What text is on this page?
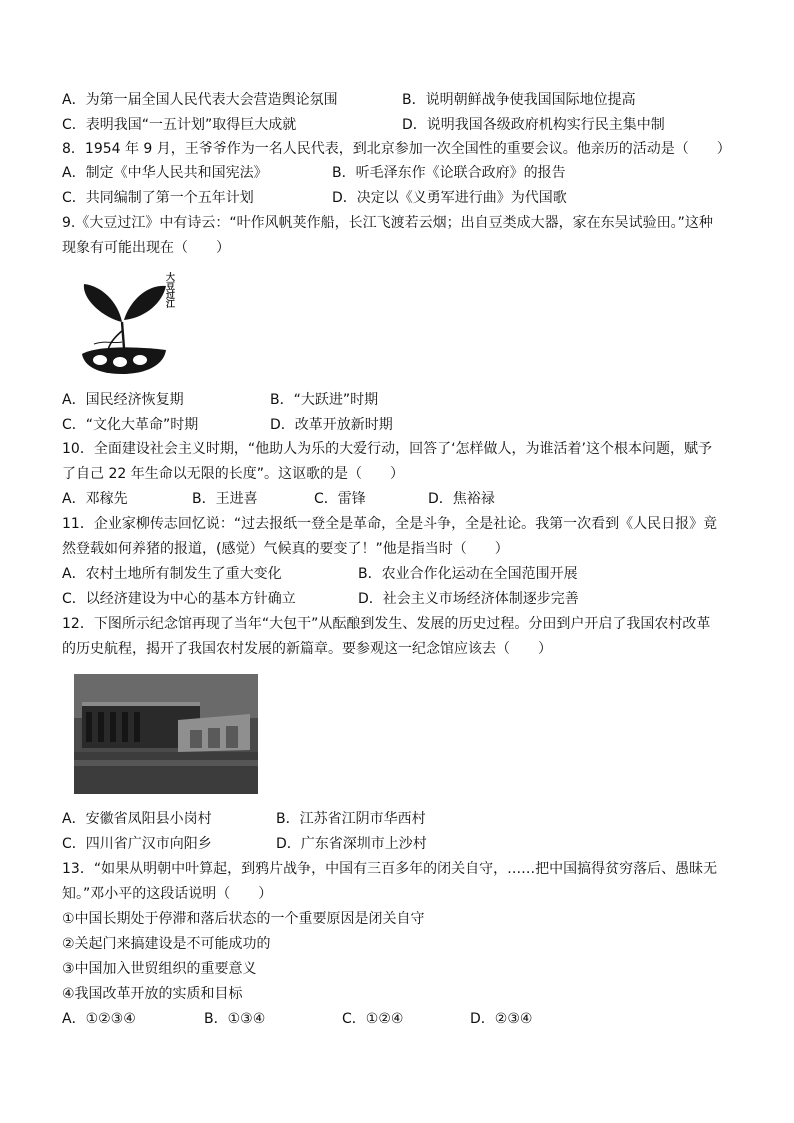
A．为第一届全国人民代表大会营造舆论氛围	B．说明朝鲜战争使我国国际地位提高
C．表明我国“一五计划”取得巨大成就	D．说明我国各级政府机构实行民主集中制
8．1954 年 9 月，王爷爷作为一名人民代表，到北京参加一次全国性的重要会议。他亲历的活动是（　　）
A．制定《中华人民共和国宪法》	B．听毛泽东作《论联合政府》的报告
C．共同编制了第一个五年计划	D．决定以《义勇军进行曲》为代国歌
9.《大豆过江》中有诗云：“叶作风帆荚作船，长江飞渡若云烟；出自豆类成大器，家在东吴试验田。”这种
现象有可能出现在（　　）
大豆过江
A．国民经济恢复期	B．“大跃进”时期
C．“文化大革命”时期	D．改革开放新时期
10．全面建设社会主义时期，“他助人为乐的大爱行动，回答了‘怎样做人，为谁活着’这个根本问题，赋予
了自己 22 年生命以无限的长度”。这讴歌的是（　　）
A．邓稼先	B．王进喜	C．雷锋	D．焦裕禄
11．企业家柳传志回忆说：“过去报纸一登全是革命，全是斗争，全是社论。我第一次看到《人民日报》竟
然登载如何养猪的报道，(感觉）气候真的要变了！”他是指当时（　　）
A．农村土地所有制发生了重大变化	B．农业合作化运动在全国范围开展
C．以经济建设为中心的基本方针确立	D．社会主义市场经济体制逐步完善
12．下图所示纪念馆再现了当年“大包干”从酝酿到发生、发展的历史过程。分田到户开启了我国农村改革
的历史航程，揭开了我国农村发展的新篇章。要参观这一纪念馆应该去（　　）
A．安徽省凤阳县小岗村	B．江苏省江阴市华西村
C．四川省广汉市向阳乡	D．广东省深圳市上沙村
13．“如果从明朝中叶算起，到鸦片战争，中国有三百多年的闭关自守，……把中国搞得贫穷落后、愚昧无
知。”邓小平的这段话说明（　　）
①中国长期处于停滞和落后状态的一个重要原因是闭关自守
②关起门来搞建设是不可能成功的
③中国加入世贸组织的重要意义
④我国改革开放的实质和目标
A．①②③④	B．①③④	C．①②④	D．②③④
